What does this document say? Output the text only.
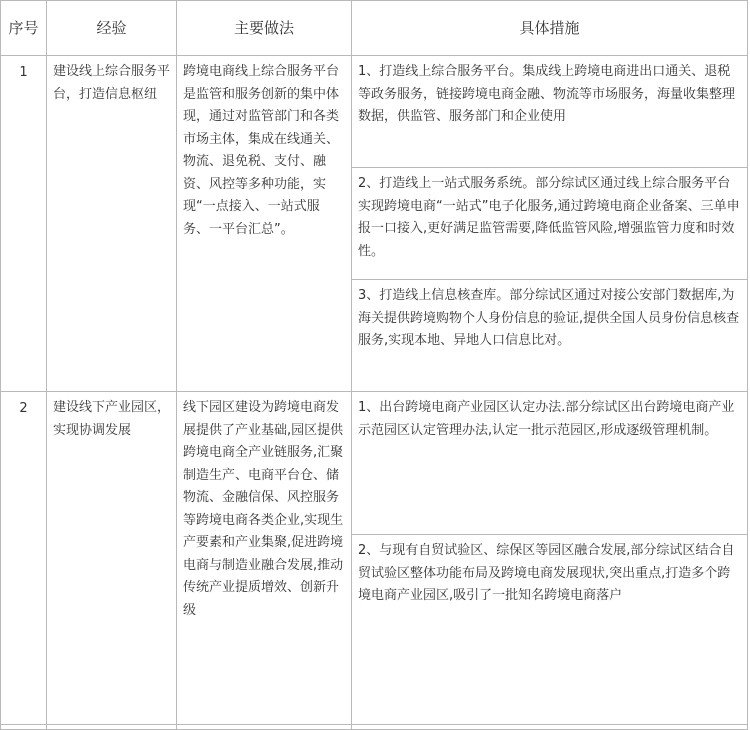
序号	经验	主要做法	具体措施
1	建设线上综合服务平台，打造信息枢纽	跨境电商线上综合服务平台是监管和服务创新的集中体现，通过对监管部门和各类市场主体，集成在线通关、物流、退免税、支付、融资、风控等多种功能，实现“一点接入、一站式服务、一平台汇总”。	1、打造线上综合服务平台。集成线上跨境电商进出口通关、退税等政务服务，链接跨境电商金融、物流等市场服务，海量收集整理数据，供监管、服务部门和企业使用
			2、打造线上一站式服务系统。部分综试区通过线上综合服务平台实现跨境电商“一站式”电子化服务,通过跨境电商企业备案、三单申报一口接入,更好满足监管需要,降低监管风险,增强监管力度和时效性。
			3、打造线上信息核查库。部分综试区通过对接公安部门数据库,为海关提供跨境购物个人身份信息的验证,提供全国人员身份信息核查服务,实现本地、异地人口信息比对。
2	建设线下产业园区，实现协调发展	线下园区建设为跨境电商发展提供了产业基础,园区提供跨境电商全产业链服务,汇聚制造生产、电商平台仓、储物流、金融信保、风控服务等跨境电商各类企业,实现生产要素和产业集聚,促进跨境电商与制造业融合发展,推动传统产业提质增效、创新升级	1、出台跨境电商产业园区认定办法.部分综试区出台跨境电商产业示范园区认定管理办法,认定一批示范园区,形成逐级管理机制。
			2、与现有自贸试验区、综保区等园区融合发展,部分综试区结合自贸试验区整体功能布局及跨境电商发展现状,突出重点,打造多个跨境电商产业园区,吸引了一批知名跨境电商落户
